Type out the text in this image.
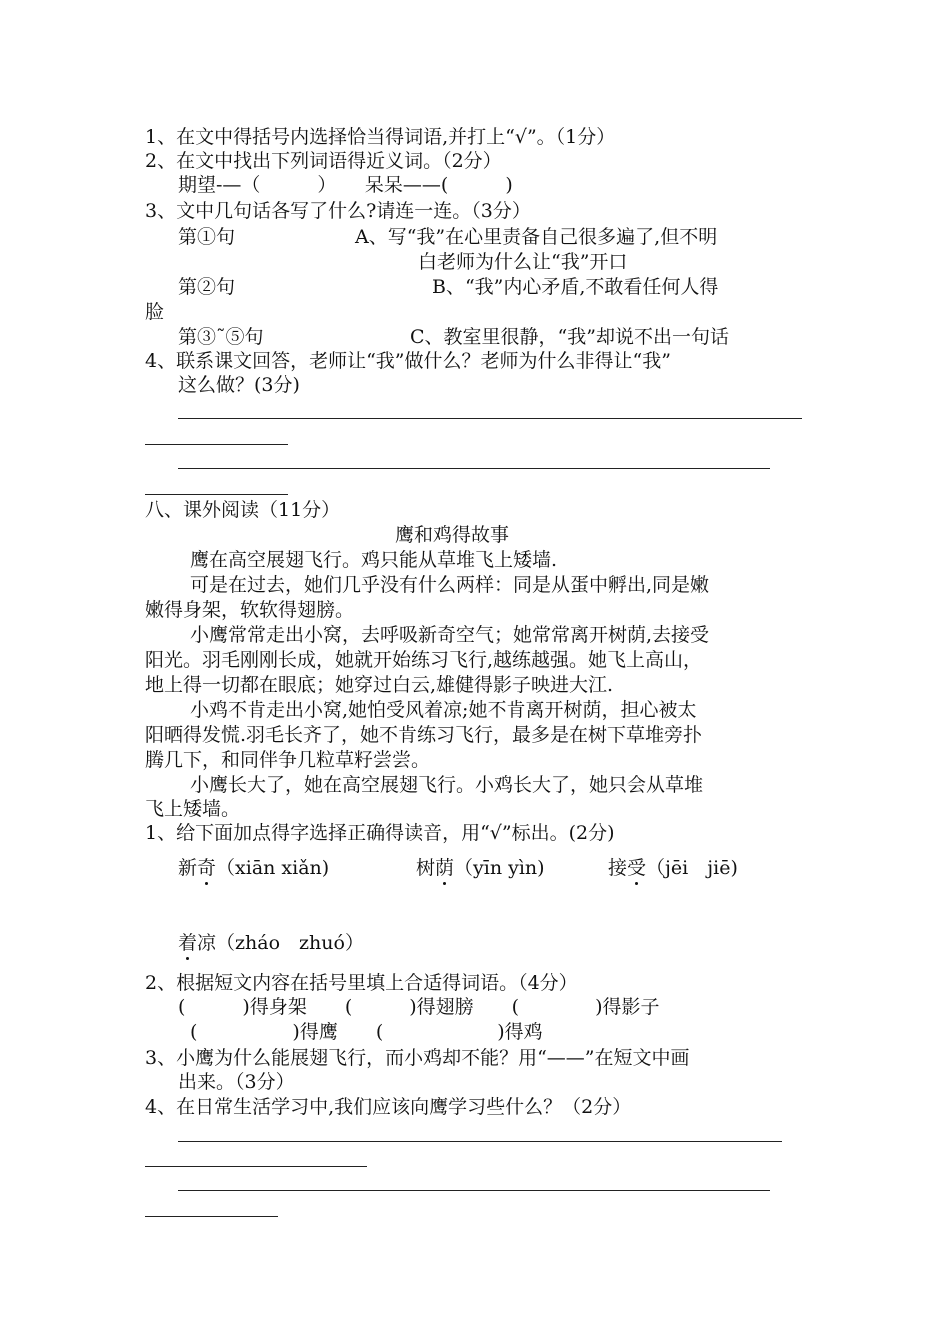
1、在文中得括号内选择恰当得词语,并打上“√”。（1分）
2、在文中找出下列词语得近义词。（2分）
期望-—（　　　）　　呆呆——(　　　)
3、文中几句话各写了什么?请连一连。（3分）
第①句	A、写“我”在心里责备自己很多遍了,但不明
白老师为什么让“我”开口
第②句	B、“我”内心矛盾,不敢看任何人得
脸
第③˜⑤句	C、教室里很静，“我”却说不出一句话
4、联系课文回答，老师让“我”做什么？老师为什么非得让“我”
这么做？(3分)
八、课外阅读（11分）
鹰和鸡得故事
鹰在高空展翅飞行。鸡只能从草堆飞上矮墙.
可是在过去，她们几乎没有什么两样：同是从蛋中孵出,同是嫩
嫩得身架，软软得翅膀。
小鹰常常走出小窝，去呼吸新奇空气；她常常离开树荫,去接受
阳光。羽毛刚刚长成，她就开始练习飞行,越练越强。她飞上高山，
地上得一切都在眼底；她穿过白云,雄健得影子映进大江.
小鸡不肯走出小窝,她怕受风着凉;她不肯离开树荫，担心被太
阳晒得发慌.羽毛长齐了，她不肯练习飞行，最多是在树下草堆旁扑
腾几下，和同伴争几粒草籽尝尝。
小鹰长大了，她在高空展翅飞行。小鸡长大了，她只会从草堆
飞上矮墙。
1、给下面加点得字选择正确得读音，用“√”标出。(2分)
新奇（xiān xiǎn)	树荫（yīn yìn)	接受（jēi　jiē)
着凉（zháo　zhuó）
2、根据短文内容在括号里填上合适得词语。（4分）
(　　　)得身架　　(　　　)得翅膀　　(　　　　)得影子
(　　　　　)得鹰　　(　　　　　　)得鸡
3、小鹰为什么能展翅飞行，而小鸡却不能？用“——”在短文中画
出来。（3分）
4、在日常生活学习中,我们应该向鹰学习些什么？（2分）
